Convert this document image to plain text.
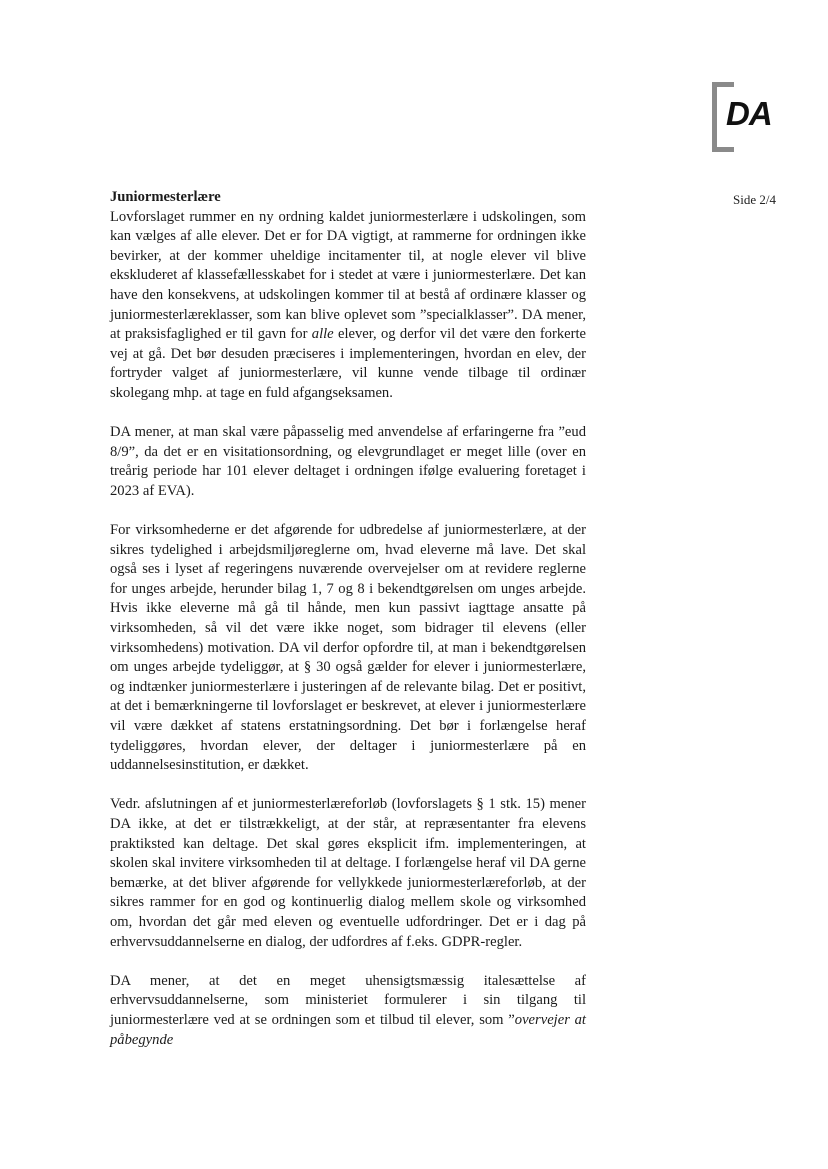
DA
Side 2/4

Juniormesterlære

Lovforslaget rummer en ny ordning kaldet juniormesterlære i udskolingen, som kan vælges af alle elever. Det er for DA vigtigt, at rammerne for ordningen ikke bevirker, at der kommer uheldige incitamenter til, at nogle elever vil blive ekskluderet af klassefællesskabet for i stedet at være i juniormesterlære. Det kan have den konsekvens, at udskolingen kommer til at bestå af ordinære klasser og juniormesterlæreklasser, som kan blive oplevet som ”specialklasser”. DA mener, at praksisfaglighed er til gavn for alle elever, og derfor vil det være den forkerte vej at gå. Det bør desuden præciseres i implementeringen, hvordan en elev, der fortryder valget af juniormesterlære, vil kunne vende tilbage til ordinær skolegang mhp. at tage en fuld afgangseksamen.

DA mener, at man skal være påpasselig med anvendelse af erfaringerne fra ”eud 8/9”, da det er en visitationsordning, og elevgrundlaget er meget lille (over en treårig periode har 101 elever deltaget i ordningen ifølge evaluering foretaget i 2023 af EVA).

For virksomhederne er det afgørende for udbredelse af juniormesterlære, at der sikres tydelighed i arbejdsmiljøreglerne om, hvad eleverne må lave. Det skal også ses i lyset af regeringens nuværende overvejelser om at revidere reglerne for unges arbejde, herunder bilag 1, 7 og 8 i bekendtgørelsen om unges arbejde. Hvis ikke eleverne må gå til hånde, men kun passivt iagttage ansatte på virksomheden, så vil det være ikke noget, som bidrager til elevens (eller virksomhedens) motivation. DA vil derfor opfordre til, at man i bekendtgørelsen om unges arbejde tydeliggør, at § 30 også gælder for elever i juniormesterlære, og indtænker juniormesterlære i justeringen af de relevante bilag. Det er positivt, at det i bemærkningerne til lovforslaget er beskrevet, at elever i juniormesterlære vil være dækket af statens erstatningsordning. Det bør i forlængelse heraf tydeliggøres, hvordan elever, der deltager i juniormesterlære på en uddannelsesinstitution, er dækket.

Vedr. afslutningen af et juniormesterlæreforløb (lovforslagets § 1 stk. 15) mener DA ikke, at det er tilstrækkeligt, at der står, at repræsentanter fra elevens praktiksted kan deltage. Det skal gøres eksplicit ifm. implementeringen, at skolen skal invitere virksomheden til at deltage. I forlængelse heraf vil DA gerne bemærke, at det bliver afgørende for vellykkede juniormesterlæreforløb, at der sikres rammer for en god og kontinuerlig dialog mellem skole og virksomhed om, hvordan det går med eleven og eventuelle udfordringer. Det er i dag på erhvervsuddannelserne en dialog, der udfordres af f.eks. GDPR-regler.

DA mener, at det en meget uhensigtsmæssig italesættelse af erhvervsuddannelserne, som ministeriet formulerer i sin tilgang til juniormesterlære ved at se ordningen som et tilbud til elever, som ”overvejer at påbegynde
